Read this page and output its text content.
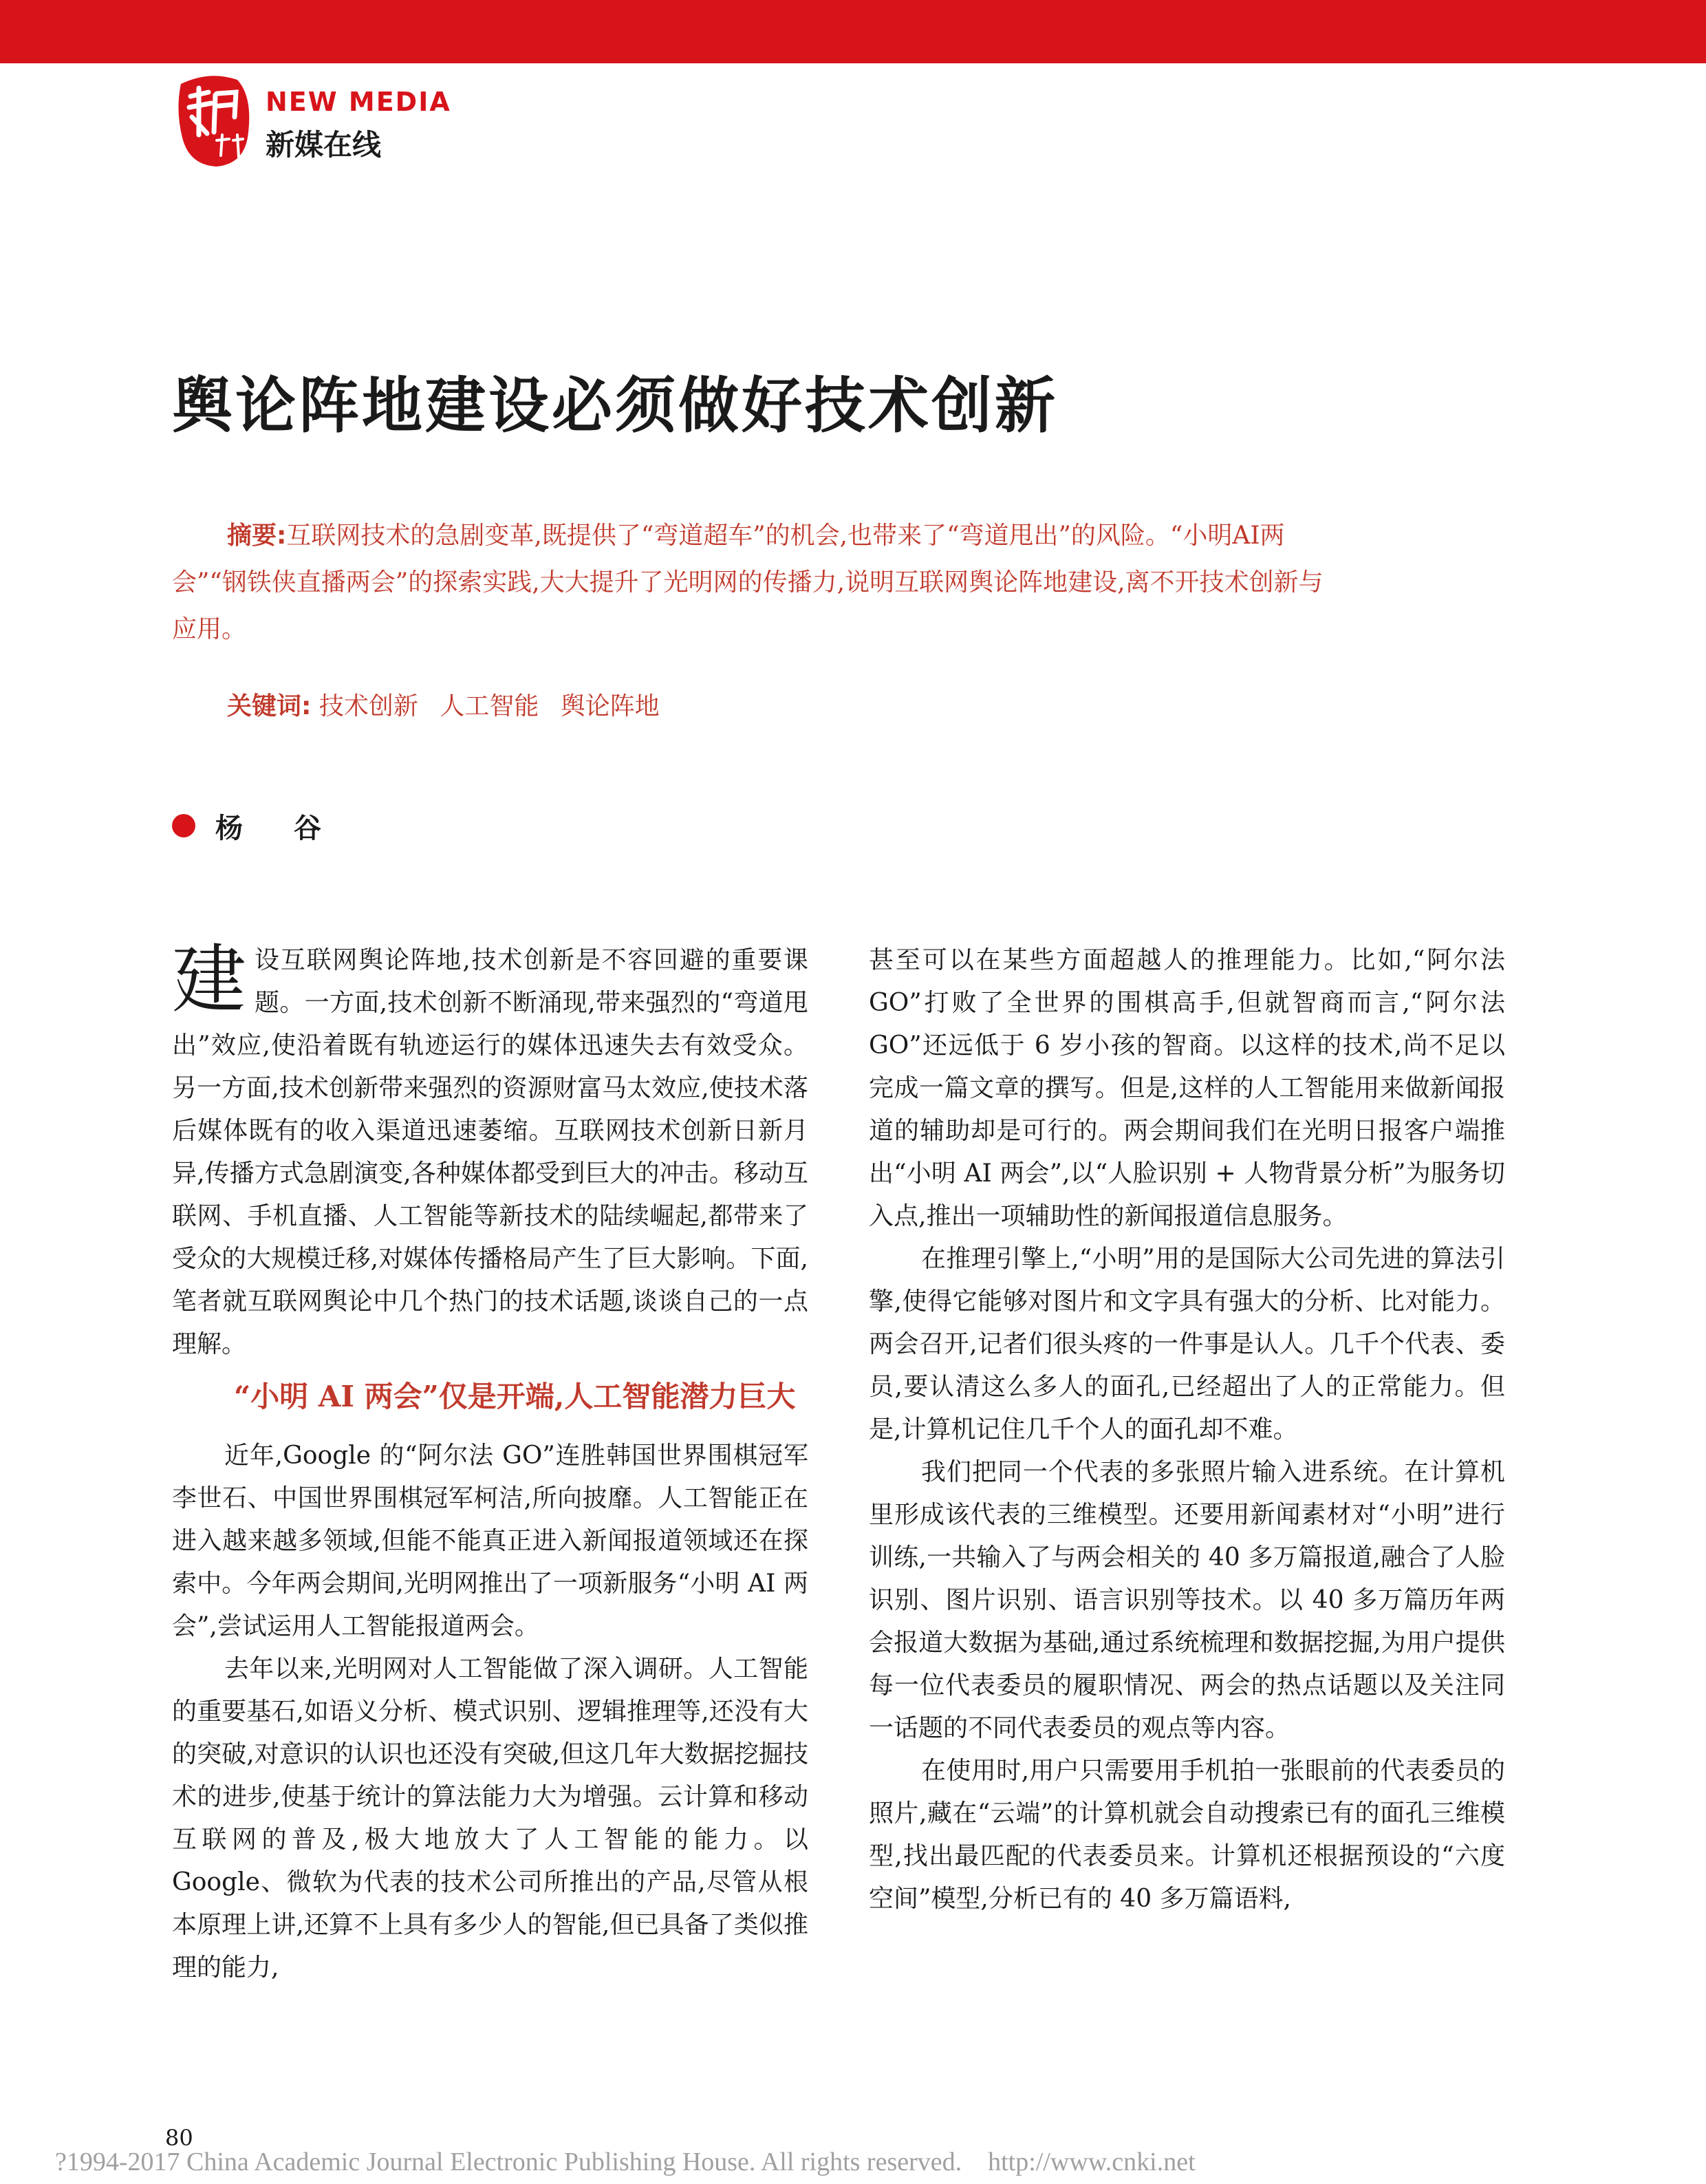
NEW MEDIA
新媒在线
舆论阵地建设必须做好技术创新
摘要:互联网技术的急剧变革,既提供了“弯道超车”的机会,也带来了“弯道甩出”的风险。“小明AI两会”“钢铁侠直播两会”的探索实践,大大提升了光明网的传播力,说明互联网舆论阵地建设,离不开技术创新与应用。
关键词: 技术创新 人工智能 舆论阵地
杨 谷

建设互联网舆论阵地,技术创新是不容回避的重要课题。一方面,技术创新不断涌现,带来强烈的“弯道甩出”效应,使沿着既有轨迹运行的媒体迅速失去有效受众。另一方面,技术创新带来强烈的资源财富马太效应,使技术落后媒体既有的收入渠道迅速萎缩。互联网技术创新日新月异,传播方式急剧演变,各种媒体都受到巨大的冲击。移动互联网、手机直播、人工智能等新技术的陆续崛起,都带来了受众的大规模迁移,对媒体传播格局产生了巨大影响。下面,笔者就互联网舆论中几个热门的技术话题,谈谈自己的一点理解。

“小明 AI 两会”仅是开端,人工智能潜力巨大

近年,Google 的“阿尔法 GO”连胜韩国世界围棋冠军李世石、中国世界围棋冠军柯洁,所向披靡。人工智能正在进入越来越多领域,但能不能真正进入新闻报道领域还在探索中。今年两会期间,光明网推出了一项新服务“小明 AI 两会”,尝试运用人工智能报道两会。

去年以来,光明网对人工智能做了深入调研。人工智能的重要基石,如语义分析、模式识别、逻辑推理等,还没有大的突破,对意识的认识也还没有突破,但这几年大数据挖掘技术的进步,使基于统计的算法能力大为增强。云计算和移动互联网的普及,极大地放大了人工智能的能力。以 Google、微软为代表的技术公司所推出的产品,尽管从根本原理上讲,还算不上具有多少人的智能,但已具备了类似推理的能力,

甚至可以在某些方面超越人的推理能力。比如,“阿尔法 GO”打败了全世界的围棋高手,但就智商而言,“阿尔法 GO”还远低于 6 岁小孩的智商。以这样的技术,尚不足以完成一篇文章的撰写。但是,这样的人工智能用来做新闻报道的辅助却是可行的。两会期间我们在光明日报客户端推出“小明 AI 两会”,以“人脸识别 + 人物背景分析”为服务切入点,推出一项辅助性的新闻报道信息服务。

在推理引擎上,“小明”用的是国际大公司先进的算法引擎,使得它能够对图片和文字具有强大的分析、比对能力。两会召开,记者们很头疼的一件事是认人。几千个代表、委员,要认清这么多人的面孔,已经超出了人的正常能力。但是,计算机记住几千个人的面孔却不难。

我们把同一个代表的多张照片输入进系统。在计算机里形成该代表的三维模型。还要用新闻素材对“小明”进行训练,一共输入了与两会相关的 40 多万篇报道,融合了人脸识别、图片识别、语言识别等技术。以 40 多万篇历年两会报道大数据为基础,通过系统梳理和数据挖掘,为用户提供每一位代表委员的履职情况、两会的热点话题以及关注同一话题的不同代表委员的观点等内容。

在使用时,用户只需要用手机拍一张眼前的代表委员的照片,藏在“云端”的计算机就会自动搜索已有的面孔三维模型,找出最匹配的代表委员来。计算机还根据预设的“六度空间”模型,分析已有的 40 多万篇语料,

80
?1994-2017 China Academic Journal Electronic Publishing House. All rights reserved.    http://www.cnki.net
